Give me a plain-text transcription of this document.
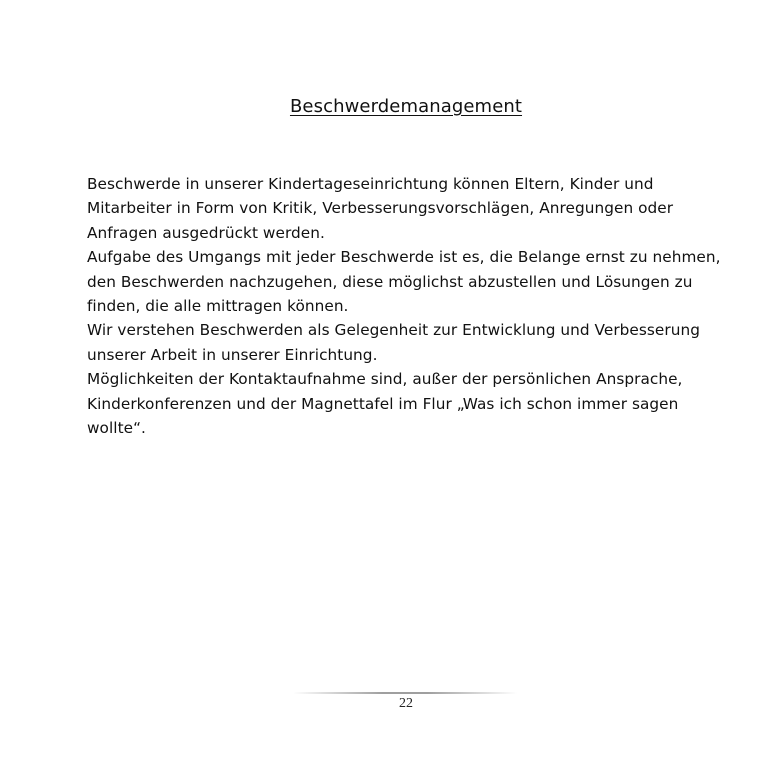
Beschwerdemanagement

Beschwerde in unserer Kindertageseinrichtung können Eltern, Kinder und Mitarbeiter in Form von Kritik, Verbesserungsvorschlägen, Anregungen oder Anfragen ausgedrückt werden.

Aufgabe des Umgangs mit jeder Beschwerde ist es, die Belange ernst zu nehmen, den Beschwerden nachzugehen, diese möglichst abzustellen und Lösungen zu finden, die alle mittragen können.

Wir verstehen Beschwerden als Gelegenheit zur Entwicklung und Verbesserung unserer Arbeit in unserer Einrichtung.

Möglichkeiten der Kontaktaufnahme sind, außer der persönlichen Ansprache, Kinderkonferenzen und der Magnettafel im Flur „Was ich schon immer sagen wollte“.

22
